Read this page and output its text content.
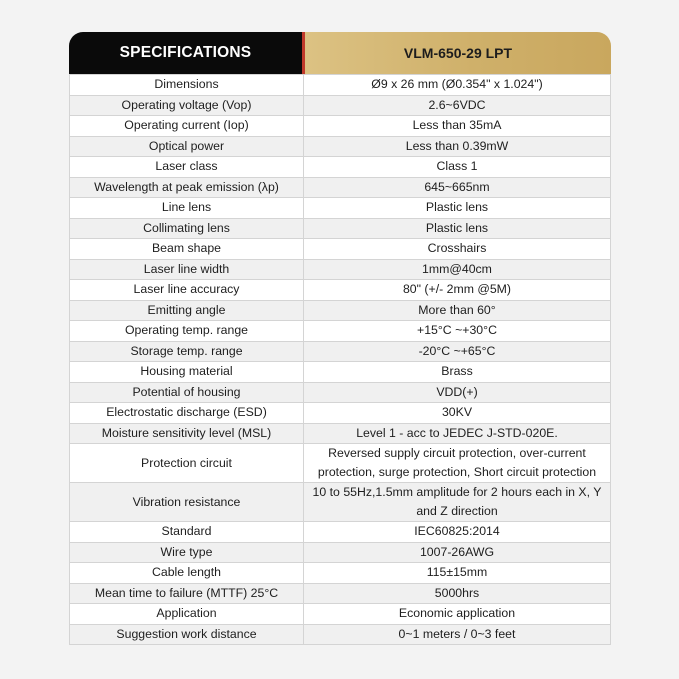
SPECIFICATIONS	VLM-650-29 LPT
Dimensions	Ø9 x 26 mm (Ø0.354" x 1.024")
Operating voltage (Vop)	2.6~6VDC
Operating current (Iop)	Less than 35mA
Optical power	Less than 0.39mW
Laser class	Class 1
Wavelength at peak emission (λp)	645~665nm
Line lens	Plastic lens
Collimating lens	Plastic lens
Beam shape	Crosshairs
Laser line width	1mm@40cm
Laser line accuracy	80" (+/- 2mm @5M)
Emitting angle	More than 60°
Operating temp. range	+15°C ~+30°C
Storage temp. range	-20°C ~+65°C
Housing material	Brass
Potential of housing	VDD(+)
Electrostatic discharge (ESD)	30KV
Moisture sensitivity level (MSL)	Level 1 - acc to JEDEC J-STD-020E.
Protection circuit	Reversed supply circuit protection, over-current protection, surge protection, Short circuit protection
Vibration resistance	10 to 55Hz,1.5mm amplitude for 2 hours each in X, Y and Z direction
Standard	IEC60825:2014
Wire type	1007-26AWG
Cable length	115±15mm
Mean time to failure (MTTF) 25°C	5000hrs
Application	Economic application
Suggestion work distance	0~1 meters / 0~3 feet
